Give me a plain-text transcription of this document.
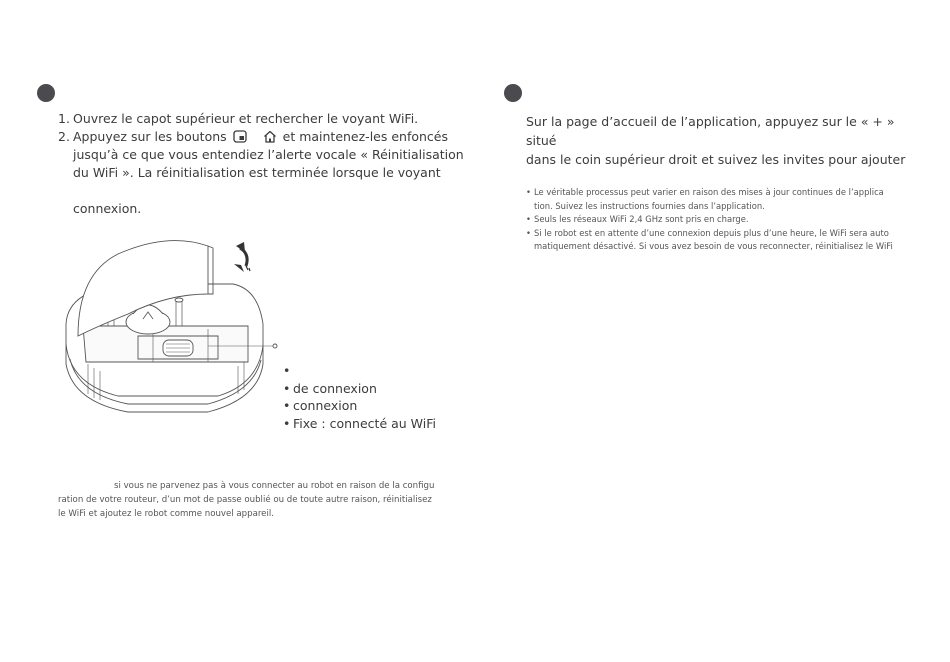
1. Ouvrez le capot supérieur et rechercher le voyant WiFi.
2. Appuyez sur les boutons	et maintenez-les enfoncés
jusqu’à ce que vous entendiez l’alerte vocale « Réinitialisation
du WiFi ». La réinitialisation est terminée lorsque le voyant
connexion.
•
• de connexion
• connexion
• Fixe : connecté au WiFi
si vous ne parvenez pas à vous connecter au robot en raison de la configu
ration de votre routeur, d’un mot de passe oublié ou de toute autre raison, réinitialisez
le WiFi et ajoutez le robot comme nouvel appareil.
Sur la page d’accueil de l’application, appuyez sur le « + » situé
dans le coin supérieur droit et suivez les invites pour ajouter
• Le véritable processus peut varier en raison des mises à jour continues de l’applica
tion. Suivez les instructions fournies dans l’application.
• Seuls les réseaux WiFi 2,4 GHz sont pris en charge.
• Si le robot est en attente d’une connexion depuis plus d’une heure, le WiFi sera auto
matiquement désactivé. Si vous avez besoin de vous reconnecter, réinitialisez le WiFi
